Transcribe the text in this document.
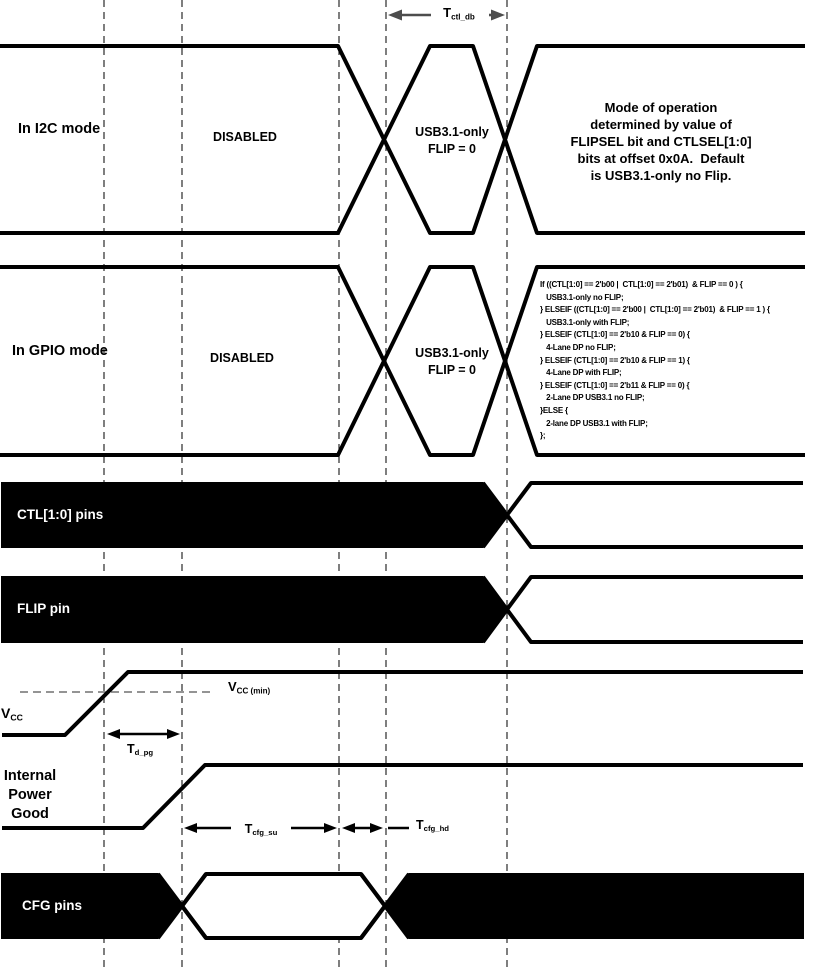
$T_{ctl\_db}$
In I2C mode	DISABLED	USB3.1-only
FLIP = 0
Mode of operation
determined by value of
FLIPSEL bit and CTLSEL[1:0]
bits at offset 0x0A.  Default
is USB3.1-only no Flip.
In GPIO mode	DISABLED	USB3.1-only
FLIP = 0
If ((CTL[1:0] == 2'b00 |  CTL[1:0] == 2'b01)  & FLIP == 0 ) {
USB3.1-only no FLIP;
} ELSEIF ((CTL[1:0] == 2'b00 |  CTL[1:0] == 2'b01)  & FLIP == 1 ) {
USB3.1-only with FLIP;
} ELSEIF (CTL[1:0] == 2'b10 & FLIP == 0) {
4-Lane DP no FLIP;
} ELSEIF (CTL[1:0] == 2'b10 & FLIP == 1) {
4-Lane DP with FLIP;
} ELSEIF (CTL[1:0] == 2'b11 & FLIP == 0) {
2-Lane DP USB3.1 no FLIP;
}ELSE {
2-lane DP USB3.1 with FLIP;
};
CTL[1:0] pins
FLIP pin
$V_{CC}$
$V_{CC (min)}$
$T_{d\_pg}$
Internal
Power
Good
$T_{cfg\_su}$
$T_{cfg\_hd}$
CFG pins
